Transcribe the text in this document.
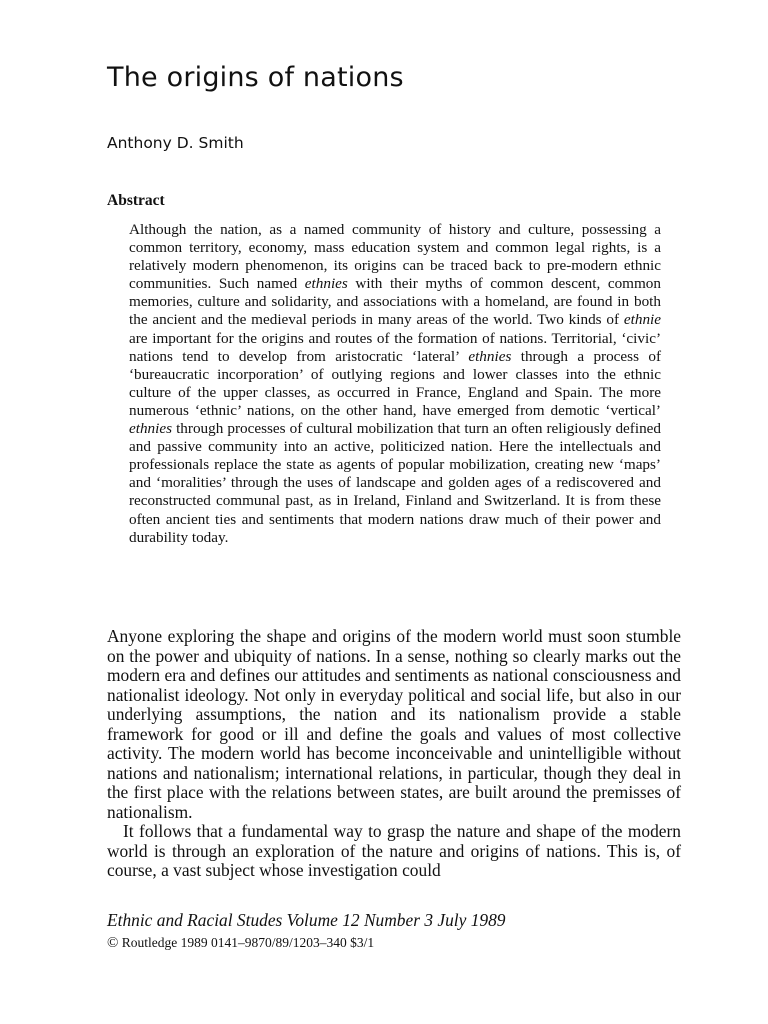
The origins of nations

Anthony D. Smith

Abstract

Although the nation, as a named community of history and culture, possessing a common territory, economy, mass education system and common legal rights, is a relatively modern phenomenon, its origins can be traced back to pre-modern ethnic communities. Such named ethnies with their myths of common descent, common memories, culture and solidarity, and associations with a homeland, are found in both the ancient and the medieval periods in many areas of the world. Two kinds of ethnie are important for the origins and routes of the formation of nations. Territorial, ‘civic’ nations tend to develop from aristocratic ‘lateral’ ethnies through a process of ‘bureaucratic incorporation’ of outlying regions and lower classes into the ethnic culture of the upper classes, as occurred in France, England and Spain. The more numerous ‘ethnic’ nations, on the other hand, have emerged from demotic ‘vertical’ ethnies through processes of cultural mobilization that turn an often religiously defined and passive community into an active, politicized nation. Here the intellectuals and professionals replace the state as agents of popular mobilization, creating new ‘maps’ and ‘moralities’ through the uses of landscape and golden ages of a rediscovered and reconstructed communal past, as in Ireland, Finland and Switzerland. It is from these often ancient ties and sentiments that modern nations draw much of their power and durability today.

Anyone exploring the shape and origins of the modern world must soon stumble on the power and ubiquity of nations. In a sense, nothing so clearly marks out the modern era and defines our attitudes and sentiments as national consciousness and nationalist ideology. Not only in everyday political and social life, but also in our underlying assumptions, the nation and its nationalism provide a stable framework for good or ill and define the goals and values of most collective activity. The modern world has become inconceivable and unintelligible without nations and nationalism; international relations, in particular, though they deal in the first place with the relations between states, are built around the premisses of nationalism.

It follows that a fundamental way to grasp the nature and shape of the modern world is through an exploration of the nature and origins of nations. This is, of course, a vast subject whose investigation could

Ethnic and Racial Studes Volume 12 Number 3 July 1989

© Routledge 1989 0141–9870/89/1203–340 $3/1
